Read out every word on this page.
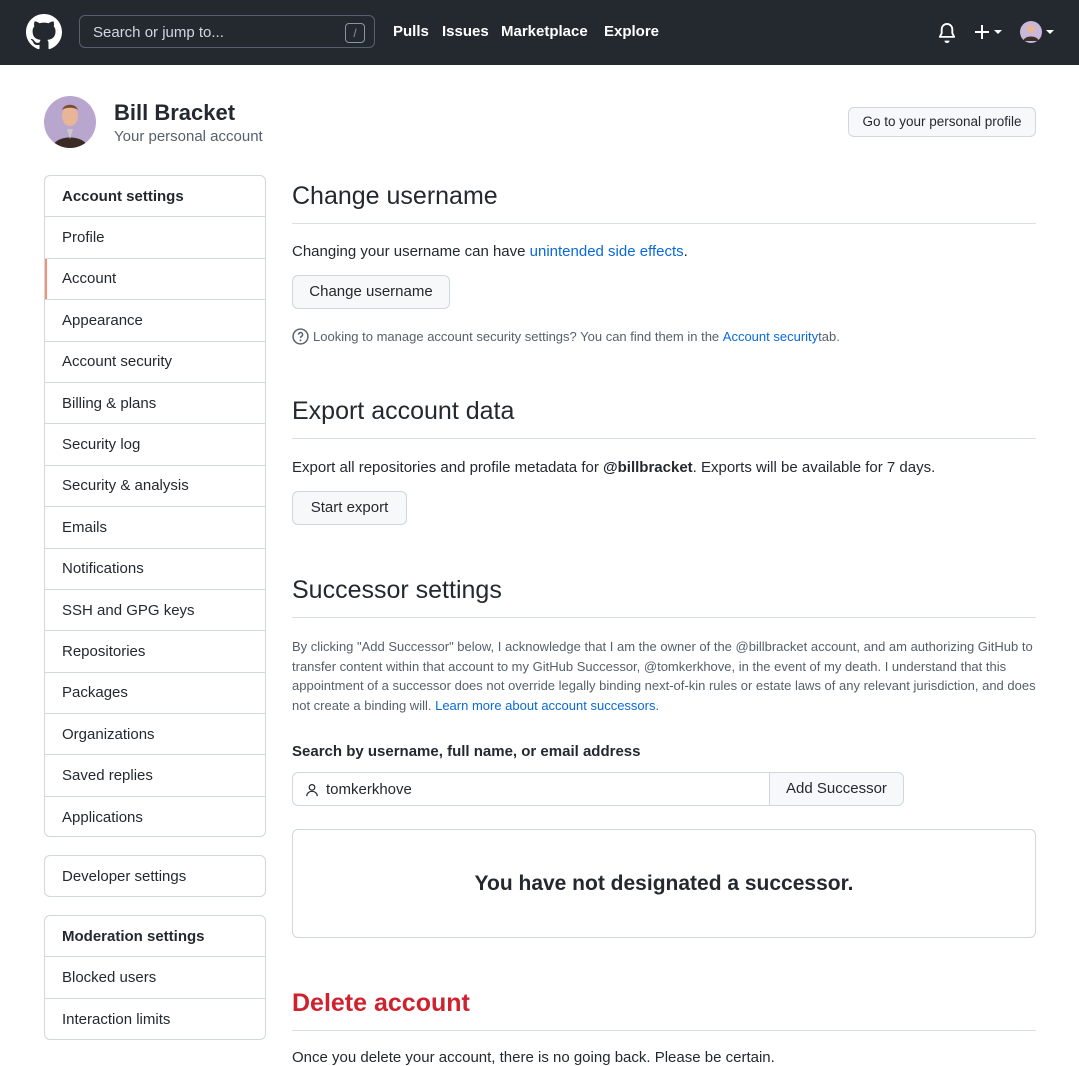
Search or jump to...	/	Pulls Issues Marketplace Explore
Bill Bracket
Your personal account
Go to your personal profile
Account settings
Profile
Account
Appearance
Account security
Billing & plans
Security log
Security & analysis
Emails
Notifications
SSH and GPG keys
Repositories
Packages
Organizations
Saved replies
Applications
Developer settings
Moderation settings
Blocked users
Interaction limits
Change username

Changing your username can have unintended side effects.

Change username
Looking to manage account security settings? You can find them in the
Account security tab.
Export account data

Export all repositories and profile metadata for @billbracket. Exports will be available for 7 days.

Start export
Successor settings

By clicking "Add Successor" below, I acknowledge that I am the owner of the @billbracket account, and am authorizing GitHub to transfer content within that account to my GitHub Successor, @tomkerkhove, in the event of my death. I understand that this appointment of a successor does not override legally binding next-of-kin rules or estate laws of any relevant jurisdiction, and does not create a binding will. Learn more about account successors.

Search by username, full name, or email address
tomkerkhove	Add Successor
You have not designated a successor.
Delete account
Once you delete your account, there is no going back. Please be certain.
